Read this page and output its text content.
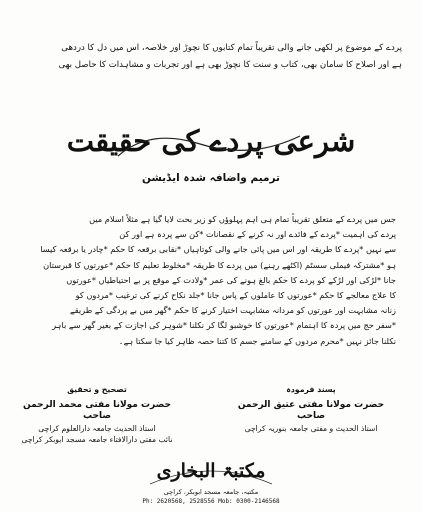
پردے کے موضوع پر لکھی جانے والی تقریباً تمام کتابوں کا نچوڑ اور خلاصہ، اس میں دل کا دردھی
ہے اور اصلاح کا سامان بھی، کتاب و سنت کا نچوڑ بھی ہے اور تجربات و مشاہدات کا حاصل بھی
شرعی پردے کی حقیقت
ترمیم واضافہ شدہ ایڈیشن
جس میں پردے کے متعلق تقریباً تمام ہی اہم پہلوؤں کو زیر بحث لایا گیا ہے مثلاً اسلام میں
پردے کی اہمیت *پردے کے فائدے اور نہ کرنے کے نقصانات *کن سے پردہ ہے اور کن
سے نہیں *پردے کا طریقہ اور اس میں پائی جانے والی کوتاہیاں *نقابی برقعہ کا حکم *چادر یا برقعہ کیسا
ہو *مشترکہ فیملی سسٹم (اکٹھے رہنے) میں پردے کا طریقہ *مخلوط تعلیم کا حکم *عورتوں کا قبرستان
جانا *لڑکی اور لڑکے کو پردے کا حکم بالغ ہونے کی عمر *ولادت کے موقع پر بے احتیاطیاں *عورتوں
کا علاج معالجے کا حکم *عورتوں کا عاملوں کے پاس جانا *جلد نکاح کرنے کی ترغیب *مردوں کو
زنانہ مشابہت اور عورتوں کو مردانہ مشابہت اختیار کرنے کا حکم *گھر میں بے پردگی کے طریقے
*سفر حج میں پردہ کا اہتمام *عورتوں کا خوشبو لگا کر نکلنا *شوہر کی اجازت کے بغیر گھر سے باہر
نکلنا جائز نہیں *محرم مردوں کے سامنے جسم کا کتنا حصہ ظاہر کیا جا سکتا ہے۔
تصحیح و تحقیق
حضرت مولانا مفتی محمد الرحمن صاحب
استاذ الحدیث جامعہ دارالعلوم کراچی
نائب مفتی دارالافتاء جامعہ مسجد ابوبکر کراچی
پسند فرمودہ
حضرت مولانا مفتی عتیق الرحمن صاحب
استاذ الحدیث و مفتی جامعہ بنوریہ کراچی
مکتبۃ البخاری
مکتبہ، جامعہ مسجد ابوبکر، کراچی
Ph: 2620568, 2528556 Mob: 0300-2146568
